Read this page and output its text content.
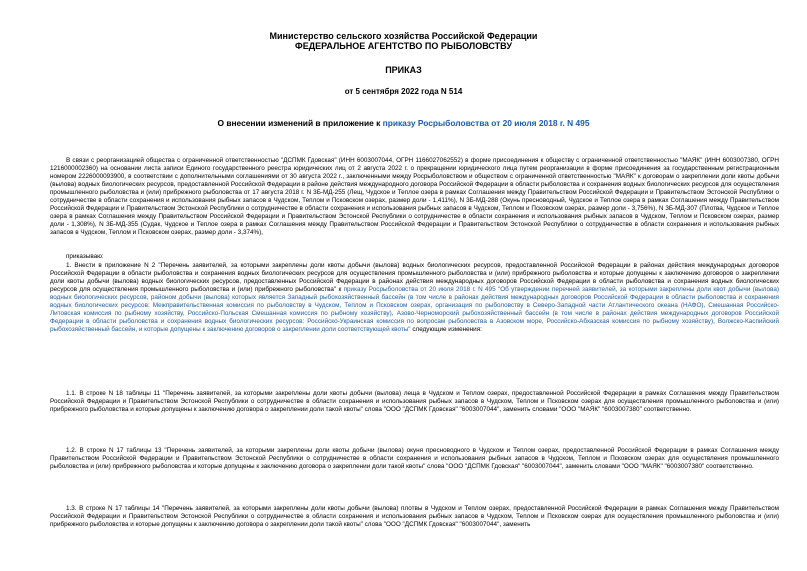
Министерство сельского хозяйства Российской Федерации
ФЕДЕРАЛЬНОЕ АГЕНТСТВО ПО РЫБОЛОВСТВУ
ПРИКАЗ
от 5 сентября 2022 года N 514
О внесении изменений в приложение к приказу Росрыболовства от 20 июля 2018 г. N 495

В связи с реорганизацией общества с ограниченной ответственностью "ДСПМК Гдовская" (ИНН 6003007044, ОГРН 1166027062552) в форме присоединения к обществу с ограниченной ответственностью "МАЯК" (ИНН 6003007380, ОГРН 1216000002360) на основании листа записи Единого государственного реестра юридических лиц от 2 августа 2022 г. о прекращении юридического лица путем реорганизации в форме присоединения за государственным регистрационным номером 2226000093900, в соответствии с дополнительными соглашениями от 30 августа 2022 г., заключенными между Росрыболовством и обществом с ограниченной ответственностью "МАЯК" к договорам о закреплении доли квоты добычи (вылова) водных биологических ресурсов, предоставленной Российской Федерации в районе действия международного договора Российской Федерации в области рыболовства и сохранения водных биологических ресурсов для осуществления промышленного рыболовства и (или) прибрежного рыболовства от 17 августа 2018 г. N 3Б-МД-255 (Лещ, Чудское и Теплое озера в рамках Соглашения между Правительством Российской Федерации и Правительством Эстонской Республики о сотрудничестве в области сохранения и использования рыбных запасов в Чудском, Теплом и Псковском озерах, размер доли - 1,411%), N 3Б-МД-288 (Окунь пресноводный, Чудское и Теплое озера в рамках Соглашения между Правительством Российской Федерации и Правительством Эстонской Республики о сотрудничестве в области сохранения и использования рыбных запасов в Чудском, Теплом и Псковском озерах, размер доли - 3,756%), N 3Б-МД-307 (Плотва, Чудское и Теплое озера в рамках Соглашения между Правительством Российской Федерации и Правительством Эстонской Республики о сотрудничестве в области сохранения и использования рыбных запасов в Чудском, Теплом и Псковском озерах, размер доли - 1,308%), N 3Б-МД-355 (Судак, Чудское и Теплое озера в рамках Соглашения между Правительством Российской Федерации и Правительством Эстонской Республики о сотрудничестве в области сохранения и использования рыбных запасов в Чудском, Теплом и Псковском озерах, размер доли - 3,374%),

приказываю:

1. Внести в приложение N 2 "Перечень заявителей, за которыми закреплены доли квоты добычи (вылова) водных биологических ресурсов, предоставленной Российской Федерации в районах действия международных договоров Российской Федерации в области рыболовства и сохранения водных биологических ресурсов для осуществления промышленного рыболовства и (или) прибрежного рыболовства и которые допущены к заключению договоров о закреплении доли квоты добычи (вылова) водных биологических ресурсов, предоставленных Российской Федерации в районах действия международных договоров Российской Федерации в области рыболовства и сохранения водных биологических ресурсов для осуществления промышленного рыболовства и (или) прибрежного рыболовства" к приказу Росрыболовства от 20 июля 2018 г. N 495 "Об утверждении перечней заявителей, за которыми закреплены доли квот добычи (вылова) водных биологических ресурсов, районом добычи (вылова) которых является Западный рыбохозяйственный бассейн (в том числе в районах действия международных договоров Российской Федерации в области рыболовства и сохранения водных биологических ресурсов: Межправительственная комиссия по рыболовству в Чудском, Теплом и Псковском озерах, организация по рыболовству в Северо-Западной части Атлантического океана (НАФО), Смешанная Российско-Литовская комиссия по рыбному хозяйству, Российско-Польская Смешанная комиссия по рыбному хозяйству), Азово-Черноморский рыбохозяйственный бассейн (в том числе в районах действия международных договоров Российской Федерации в области рыболовства и сохранения водных биологических ресурсов: Российско-Украинская комиссия по вопросам рыболовства в Азовском море, Российско-Абхазская комиссия по рыбному хозяйству), Волжско-Каспийский рыбохозяйственный бассейн, и которые допущены к заключению договоров о закреплении доли соответствующей квоты" следующие изменения:

1.1. В строке N 18 таблицы 11 "Перечень заявителей, за которыми закреплены доли квоты добычи (вылова) леща в Чудском и Теплом озерах, предоставленной Российской Федерации в рамках Соглашения между Правительством Российской Федерации и Правительством Эстонской Республики о сотрудничестве в области сохранения и использования рыбных запасов в Чудском, Теплом и Псковском озерах для осуществления промышленного рыболовства и (или) прибрежного рыболовства и которые допущены к заключению договора о закреплении доли такой квоты" слова "ООО "ДСПМК Гдовская" "6003007044", заменить словами "ООО "МАЯК" "6003007380" соответственно.

1.2. В строке N 17 таблицы 13 "Перечень заявителей, за которыми закреплены доли квоты добычи (вылова) окуня пресноводного в Чудском и Теплом озерах, предоставленной Российской Федерации в рамках Соглашения между Правительством Российской Федерации и Правительством Эстонской Республики о сотрудничестве в области сохранения и использования рыбных запасов в Чудском, Теплом и Псковском озерах для осуществления промышленного рыболовства и (или) прибрежного рыболовства и которые допущены к заключению договора о закреплении доли такой квоты" слова "ООО "ДСПМК Гдовская" "6003007044", заменить словами "ООО "МАЯК" "6003007380" соответственно.

1.3. В строке N 17 таблицы 14 "Перечень заявителей, за которыми закреплены доли квоты добычи (вылова) плотвы в Чудском и Теплом озерах, предоставленной Российской Федерации в рамках Соглашения между Правительством Российской Федерации и Правительством Эстонской Республики о сотрудничестве в области сохранения и использования рыбных запасов в Чудском, Теплом и Псковском озерах для осуществления промышленного рыболовства и (или) прибрежного рыболовства и которые допущены к заключению договора о закреплении доли такой квоты" слова "ООО "ДСПМК Гдовская" "6003007044", заменить
